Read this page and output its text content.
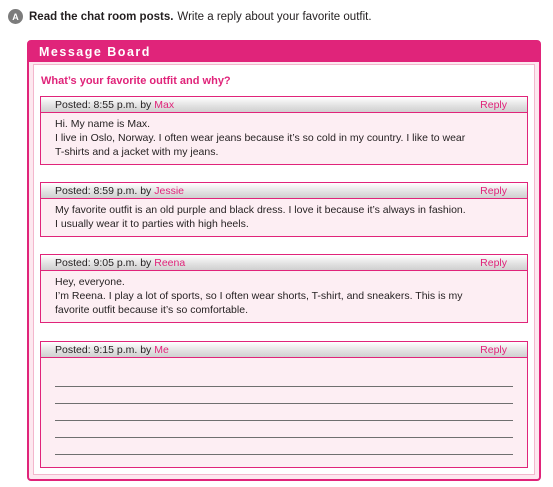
A Read the chat room posts. Write a reply about your favorite outfit.
Message Board
What’s your favorite outfit and why?
Posted: 8:55 p.m. by Max	Reply
Hi. My name is Max.
I live in Oslo, Norway. I often wear jeans because it’s so cold in my country. I like to wear
T-shirts and a jacket with my jeans.
Posted: 8:59 p.m. by Jessie	Reply
My favorite outfit is an old purple and black dress. I love it because it’s always in fashion.
I usually wear it to parties with high heels.
Posted: 9:05 p.m. by Reena	Reply
Hey, everyone.
I’m Reena. I play a lot of sports, so I often wear shorts, T-shirt, and sneakers. This is my
favorite outfit because it’s so comfortable.
Posted: 9:15 p.m. by Me	Reply
